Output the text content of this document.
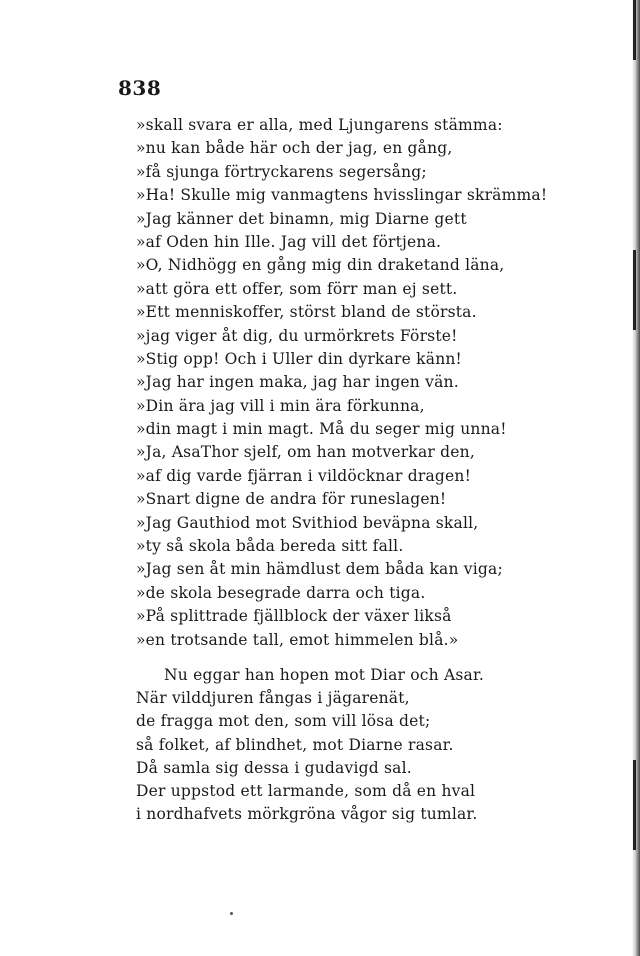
838
»skall svara er alla, med Ljungarens stämma:
»nu kan både här och der jag, en gång,
»få sjunga förtryckarens segersång;
»Ha! Skulle mig vanmagtens hvisslingar skrämma!
»Jag känner det binamn, mig Diarne gett
»af Oden hin Ille. Jag vill det förtjena.
»O, Nidhögg en gång mig din draketand läna,
»att göra ett offer, som förr man ej sett.
»Ett menniskoffer, störst bland de största.
»jag viger åt dig, du urmörkrets Förste!
»Stig opp! Och i Uller din dyrkare känn!
»Jag har ingen maka, jag har ingen vän.
»Din ära jag vill i min ära förkunna,
»din magt i min magt. Må du seger mig unna!
»Ja, AsaThor sjelf, om han motverkar den,
»af dig varde fjärran i vildöcknar dragen!
»Snart digne de andra för runeslagen!
»Jag Gauthiod mot Svithiod beväpna skall,
»ty så skola båda bereda sitt fall.
»Jag sen åt min hämdlust dem båda kan viga;
»de skola besegrade darra och tiga.
»På splittrade fjällblock der växer likså
»en trotsande tall, emot himmelen blå.»
Nu eggar han hopen mot Diar och Asar.
När vilddjuren fångas i jägarenät,
de fragga mot den, som vill lösa det;
så folket, af blindhet, mot Diarne rasar.
Då samla sig dessa i gudavigd sal.
Der uppstod ett larmande, som då en hval
i nordhafvets mörkgröna vågor sig tumlar.
